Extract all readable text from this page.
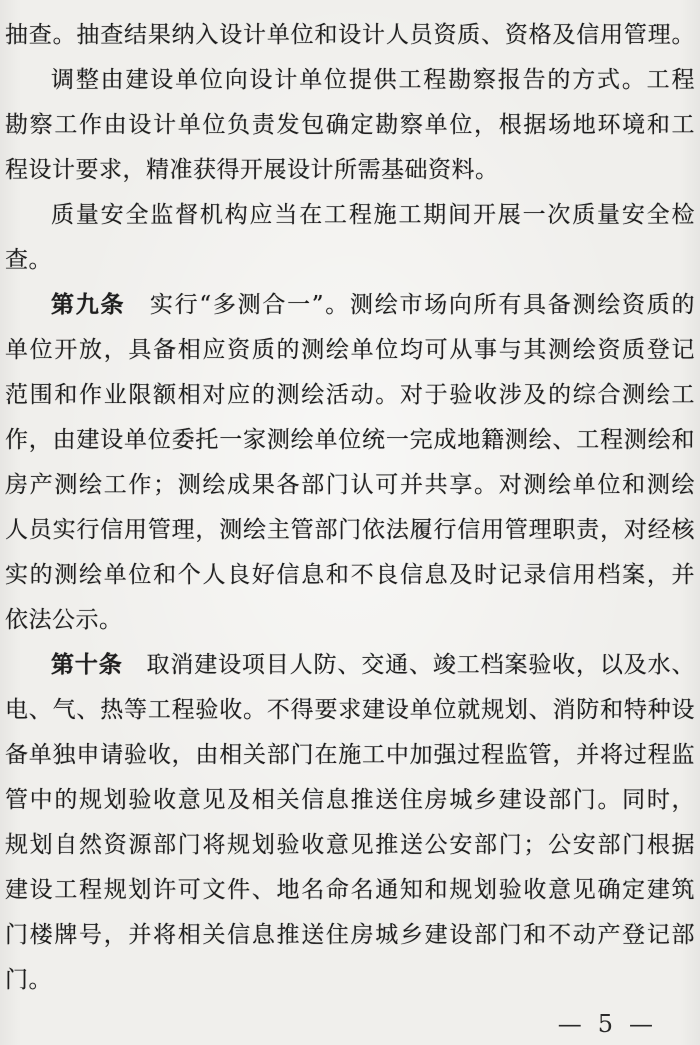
抽查。抽查结果纳入设计单位和设计人员资质、资格及信用管理。
调整由建设单位向设计单位提供工程勘察报告的方式。工程
勘察工作由设计单位负责发包确定勘察单位，根据场地环境和工
程设计要求，精准获得开展设计所需基础资料。
质量安全监督机构应当在工程施工期间开展一次质量安全检
查。
第九条　实行“多测合一”。测绘市场向所有具备测绘资质的
单位开放，具备相应资质的测绘单位均可从事与其测绘资质登记
范围和作业限额相对应的测绘活动。对于验收涉及的综合测绘工
作，由建设单位委托一家测绘单位统一完成地籍测绘、工程测绘和
房产测绘工作；测绘成果各部门认可并共享。对测绘单位和测绘
人员实行信用管理，测绘主管部门依法履行信用管理职责，对经核
实的测绘单位和个人良好信息和不良信息及时记录信用档案，并
依法公示。
第十条　取消建设项目人防、交通、竣工档案验收，以及水、
电、气、热等工程验收。不得要求建设单位就规划、消防和特种设
备单独申请验收，由相关部门在施工中加强过程监管，并将过程监
管中的规划验收意见及相关信息推送住房城乡建设部门。同时，
规划自然资源部门将规划验收意见推送公安部门；公安部门根据
建设工程规划许可文件、地名命名通知和规划验收意见确定建筑
门楼牌号，并将相关信息推送住房城乡建设部门和不动产登记部
门。
— 5 —
